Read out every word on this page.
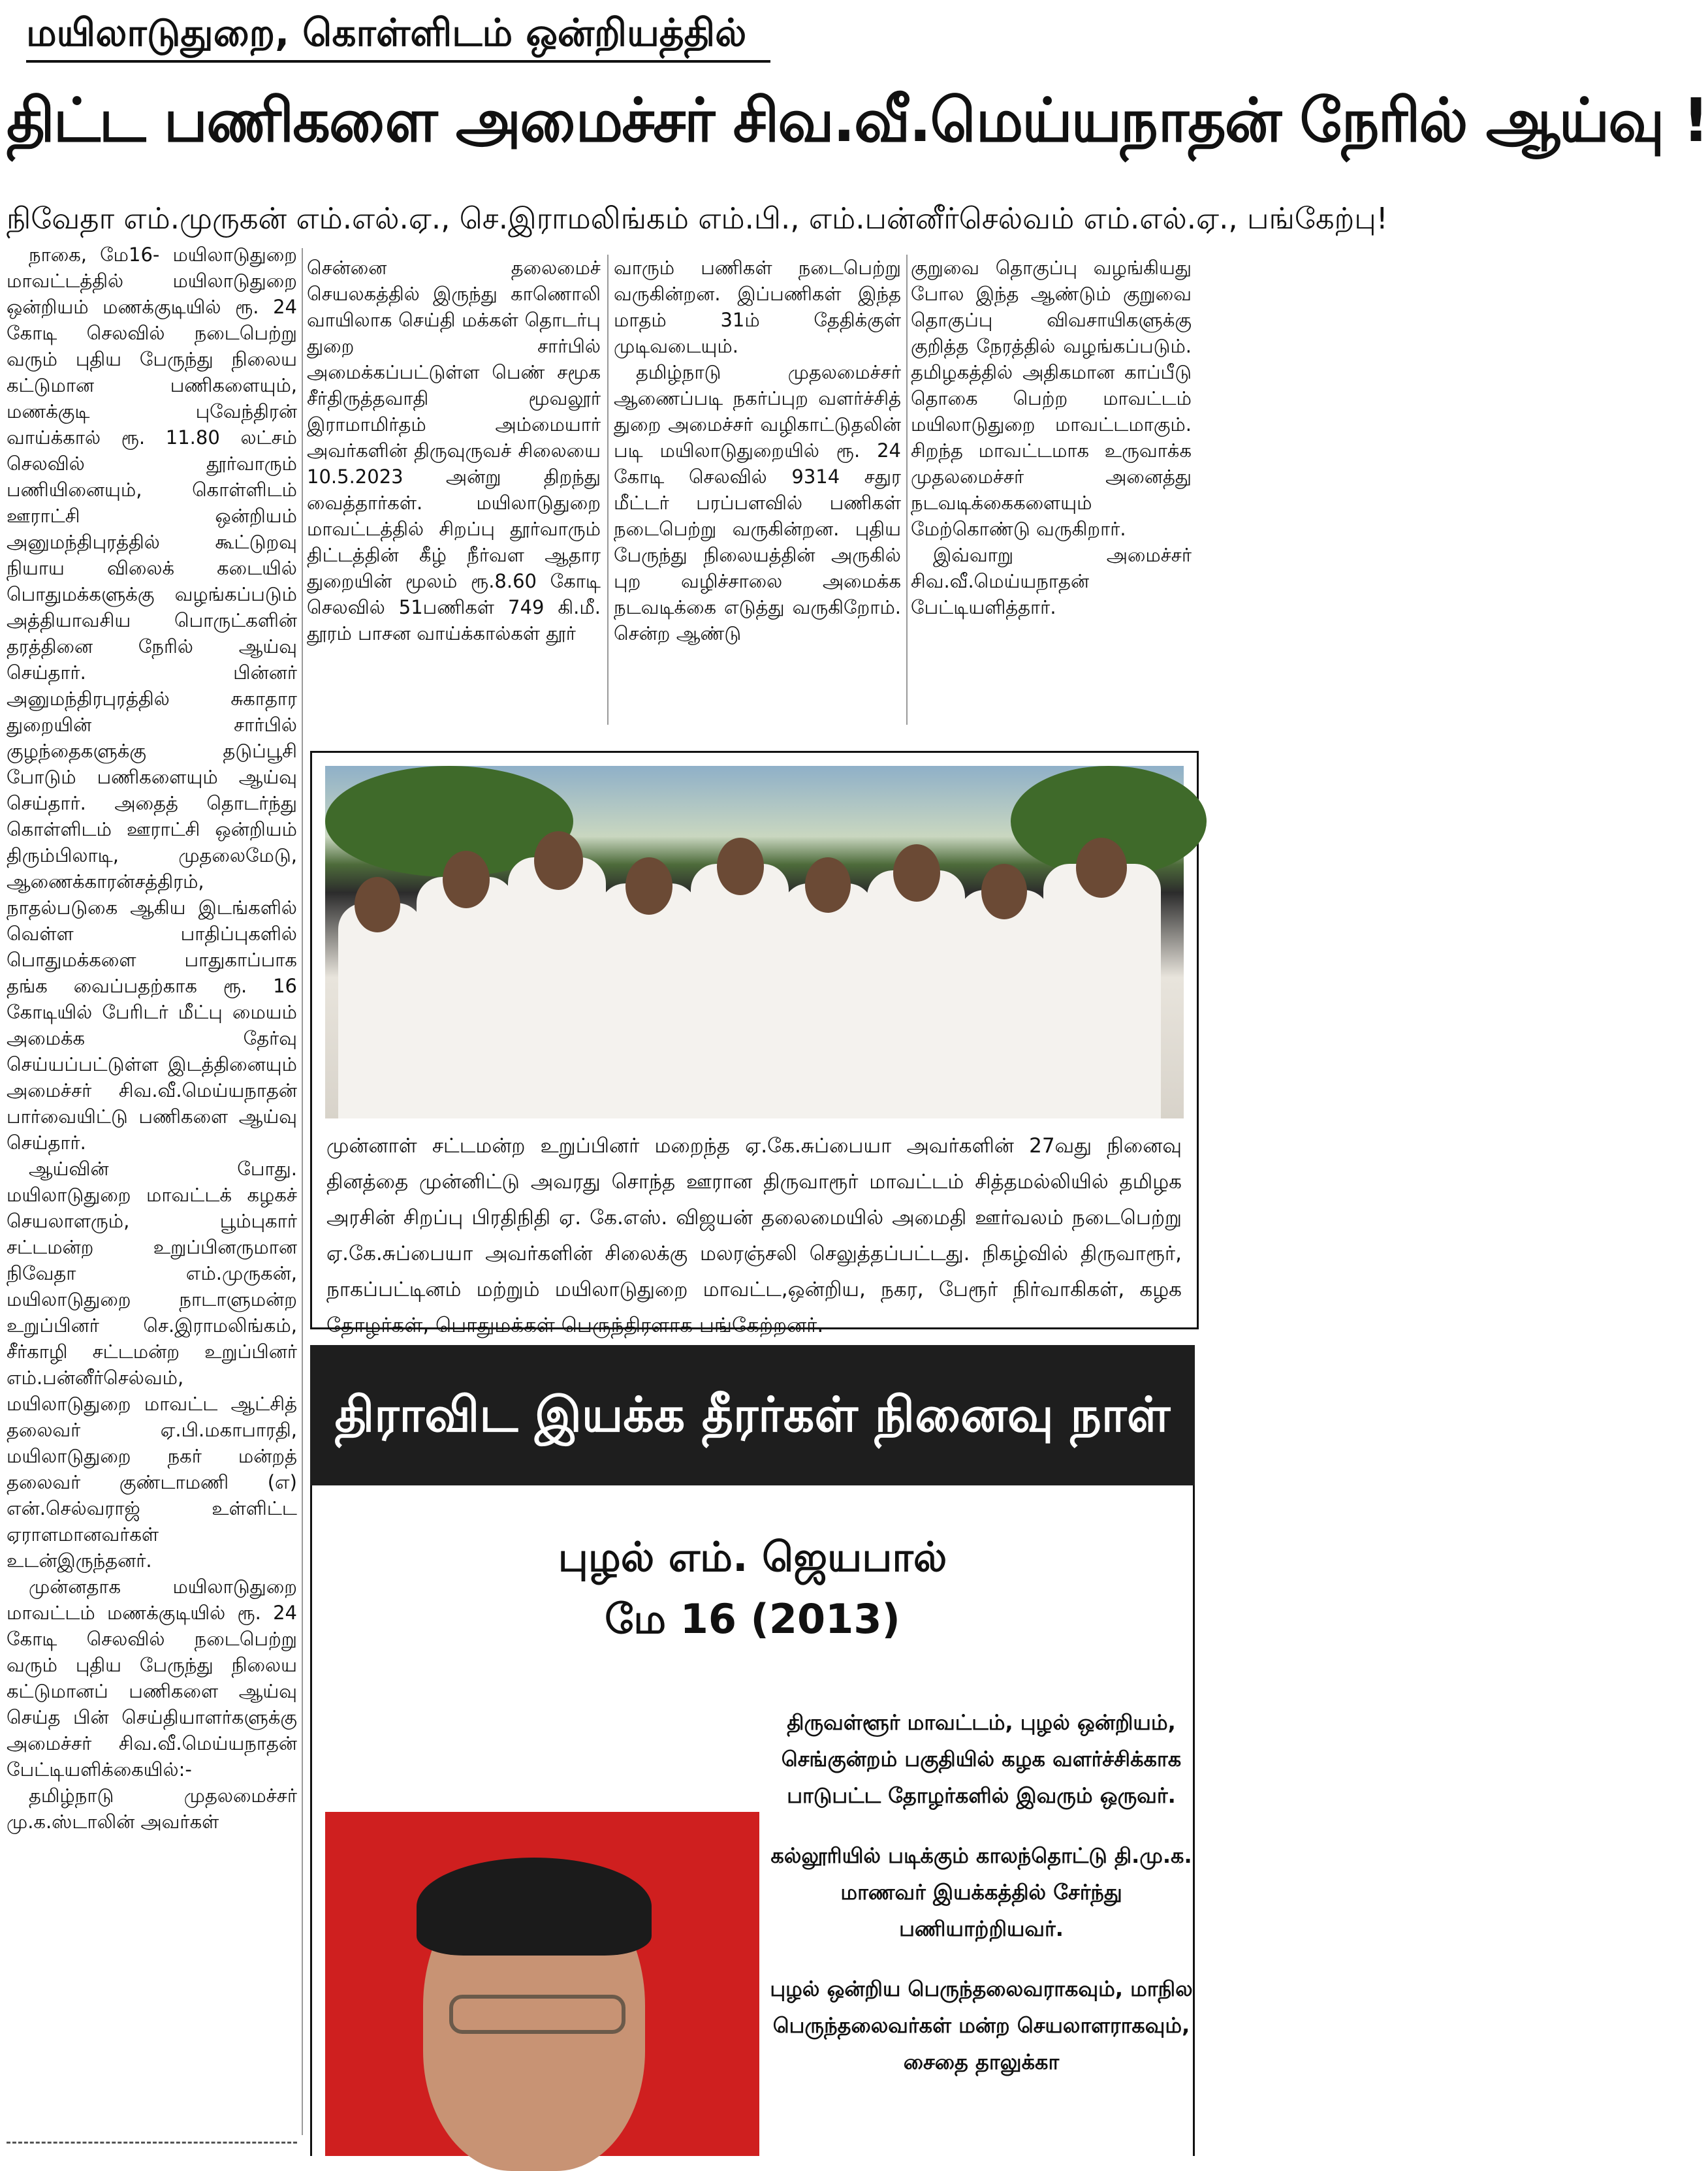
மயிலாடுதுறை, கொள்ளிடம் ஒன்றியத்தில்
திட்ட பணிகளை அமைச்சர் சிவ.வீ.மெய்யநாதன் நேரில் ஆய்வு !
நிவேதா எம்.முருகன் எம்.எல்.ஏ., செ.இராமலிங்கம் எம்.பி., எம்.பன்னீர்செல்வம் எம்.எல்.ஏ., பங்கேற்பு!

நாகை, மே16- மயிலாடுதுறை மாவட்டத்தில் மயிலாடுதுறை ஒன்றியம் மணக்குடியில் ரூ. 24 கோடி செலவில் நடைபெற்று வரும் புதிய பேருந்து நிலைய கட்டுமான பணிகளையும், மணக்குடி புவேந்திரன் வாய்க்கால் ரூ. 11.80 லட்சம் செலவில் தூர்வாரும் பணியினையும், கொள்ளிடம் ஊராட்சி ஒன்றியம் அனுமந்திபுரத்தில் கூட்டுறவு நியாய விலைக் கடையில் பொதுமக்களுக்கு வழங்கப்படும் அத்தியாவசிய பொருட்களின் தரத்தினை நேரில் ஆய்வு செய்தார். பின்னர் அனுமந்திரபுரத்தில் சுகாதார துறையின் சார்பில் குழந்தைகளுக்கு தடுப்பூசி போடும் பணிகளையும் ஆய்வு செய்தார். அதைத் தொடர்ந்து கொள்ளிடம் ஊராட்சி ஒன்றியம் திரும்பிலாடி, முதலைமேடு, ஆணைக்காரன்சத்திரம், நாதல்படுகை ஆகிய இடங்களில் வெள்ள பாதிப்புகளில் பொதுமக்களை பாதுகாப்பாக தங்க வைப்பதற்காக ரூ. 16 கோடியில் பேரிடர் மீட்பு மையம் அமைக்க தேர்வு செய்யப்பட்டுள்ள இடத்தினையும் அமைச்சர் சிவ.வீ.மெய்யநாதன் பார்வையிட்டு பணிகளை ஆய்வு செய்தார்.

ஆய்வின் போது. மயிலாடுதுறை மாவட்டக் கழகச் செயலாளரும், பூம்புகார் சட்டமன்ற உறுப்பினருமான நிவேதா எம்.முருகன், மயிலாடுதுறை நாடாளுமன்ற உறுப்பினர் செ.இராமலிங்கம், சீர்காழி சட்டமன்ற உறுப்பினர் எம்.பன்னீர்செல்வம், மயிலாடுதுறை மாவட்ட ஆட்சித் தலைவர் ஏ.பி.மகாபாரதி, மயிலாடுதுறை நகர் மன்றத் தலைவர் குண்டாமணி (எ) என்.செல்வராஜ் உள்ளிட்ட ஏராளமானவர்கள் உடன்இருந்தனர்.

முன்னதாக மயிலாடுதுறை மாவட்டம் மணக்குடியில் ரூ. 24 கோடி செலவில் நடைபெற்று வரும் புதிய பேருந்து நிலைய கட்டுமானப் பணிகளை ஆய்வு செய்த பின் செய்தியாளர்களுக்கு அமைச்சர் சிவ.வீ.மெய்யநாதன் பேட்டியளிக்கையில்:-

தமிழ்நாடு முதலமைச்சர் மு.க.ஸ்டாலின் அவர்கள்

சென்னை தலைமைச் செயலகத்தில் இருந்து காணொலி வாயிலாக செய்தி மக்கள் தொடர்பு துறை சார்பில் அமைக்கப்பட்டுள்ள பெண் சமூக சீர்திருத்தவாதி மூவலூர் இராமாமிர்தம் அம்மையார் அவர்களின் திருவுருவச் சிலையை 10.5.2023 அன்று திறந்து வைத்தார்கள். மயிலாடுதுறை மாவட்டத்தில் சிறப்பு தூர்வாரும் திட்டத்தின் கீழ் நீர்வள ஆதார துறையின் மூலம் ரூ.8.60 கோடி செலவில் 51பணிகள் 749 கி.மீ. தூரம் பாசன வாய்க்கால்கள் தூர்

வாரும் பணிகள் நடைபெற்று வருகின்றன. இப்பணிகள் இந்த மாதம் 31ம் தேதிக்குள் முடிவடையும்.

தமிழ்நாடு முதலமைச்சர் ஆணைப்படி நகர்ப்புற வளர்ச்சித் துறை அமைச்சர் வழிகாட்டுதலின் படி மயிலாடுதுறையில் ரூ. 24 கோடி செலவில் 9314 சதுர மீட்டர் பரப்பளவில் பணிகள் நடைபெற்று வருகின்றன. புதிய பேருந்து நிலையத்தின் அருகில் புற வழிச்சாலை அமைக்க நடவடிக்கை எடுத்து வருகிறோம். சென்ற ஆண்டு

குறுவை தொகுப்பு வழங்கியது போல இந்த ஆண்டும் குறுவை தொகுப்பு விவசாயிகளுக்கு குறித்த நேரத்தில் வழங்கப்படும். தமிழகத்தில் அதிகமான காப்பீடு தொகை பெற்ற மாவட்டம் மயிலாடுதுறை மாவட்டமாகும். சிறந்த மாவட்டமாக உருவாக்க முதலமைச்சர் அனைத்து நடவடிக்கைகளையும் மேற்கொண்டு வருகிறார்.

இவ்வாறு அமைச்சர் சிவ.வீ.மெய்யநாதன் பேட்டியளித்தார்.

முன்னாள் சட்டமன்ற உறுப்பினர் மறைந்த ஏ.கே.சுப்பையா அவர்களின் 27வது நினைவு தினத்தை முன்னிட்டு அவரது சொந்த ஊரான திருவாரூர் மாவட்டம் சித்தமல்லியில் தமிழக அரசின் சிறப்பு பிரதிநிதி ஏ. கே.எஸ். விஜயன் தலைமையில் அமைதி ஊர்வலம் நடைபெற்று ஏ.கே.சுப்பையா அவர்களின் சிலைக்கு மலரஞ்சலி செலுத்தப்பட்டது. நிகழ்வில் திருவாரூர், நாகப்பட்டினம் மற்றும் மயிலாடுதுறை மாவட்ட,ஒன்றிய, நகர, பேரூர் நிர்வாகிகள், கழக தோழர்கள், பொதுமக்கள் பெருந்திரளாக பங்கேற்றனர்.
திராவிட இயக்க தீரர்கள் நினைவு நாள்
புழல் எம். ஜெயபால்
மே 16 (2013)

திருவள்ளூர் மாவட்டம், புழல் ஒன்றியம், செங்குன்றம் பகுதியில் கழக வளர்ச்சிக்காக பாடுபட்ட தோழர்களில் இவரும் ஒருவர்.

கல்லூரியில் படிக்கும் காலந்தொட்டு தி.மு.க. மாணவர் இயக்கத்தில் சேர்ந்து பணியாற்றியவர்.

புழல் ஒன்றிய பெருந்தலைவராகவும், மாநில பெருந்தலைவர்கள் மன்ற செயலாளராகவும், சைதை தாலுக்கா
